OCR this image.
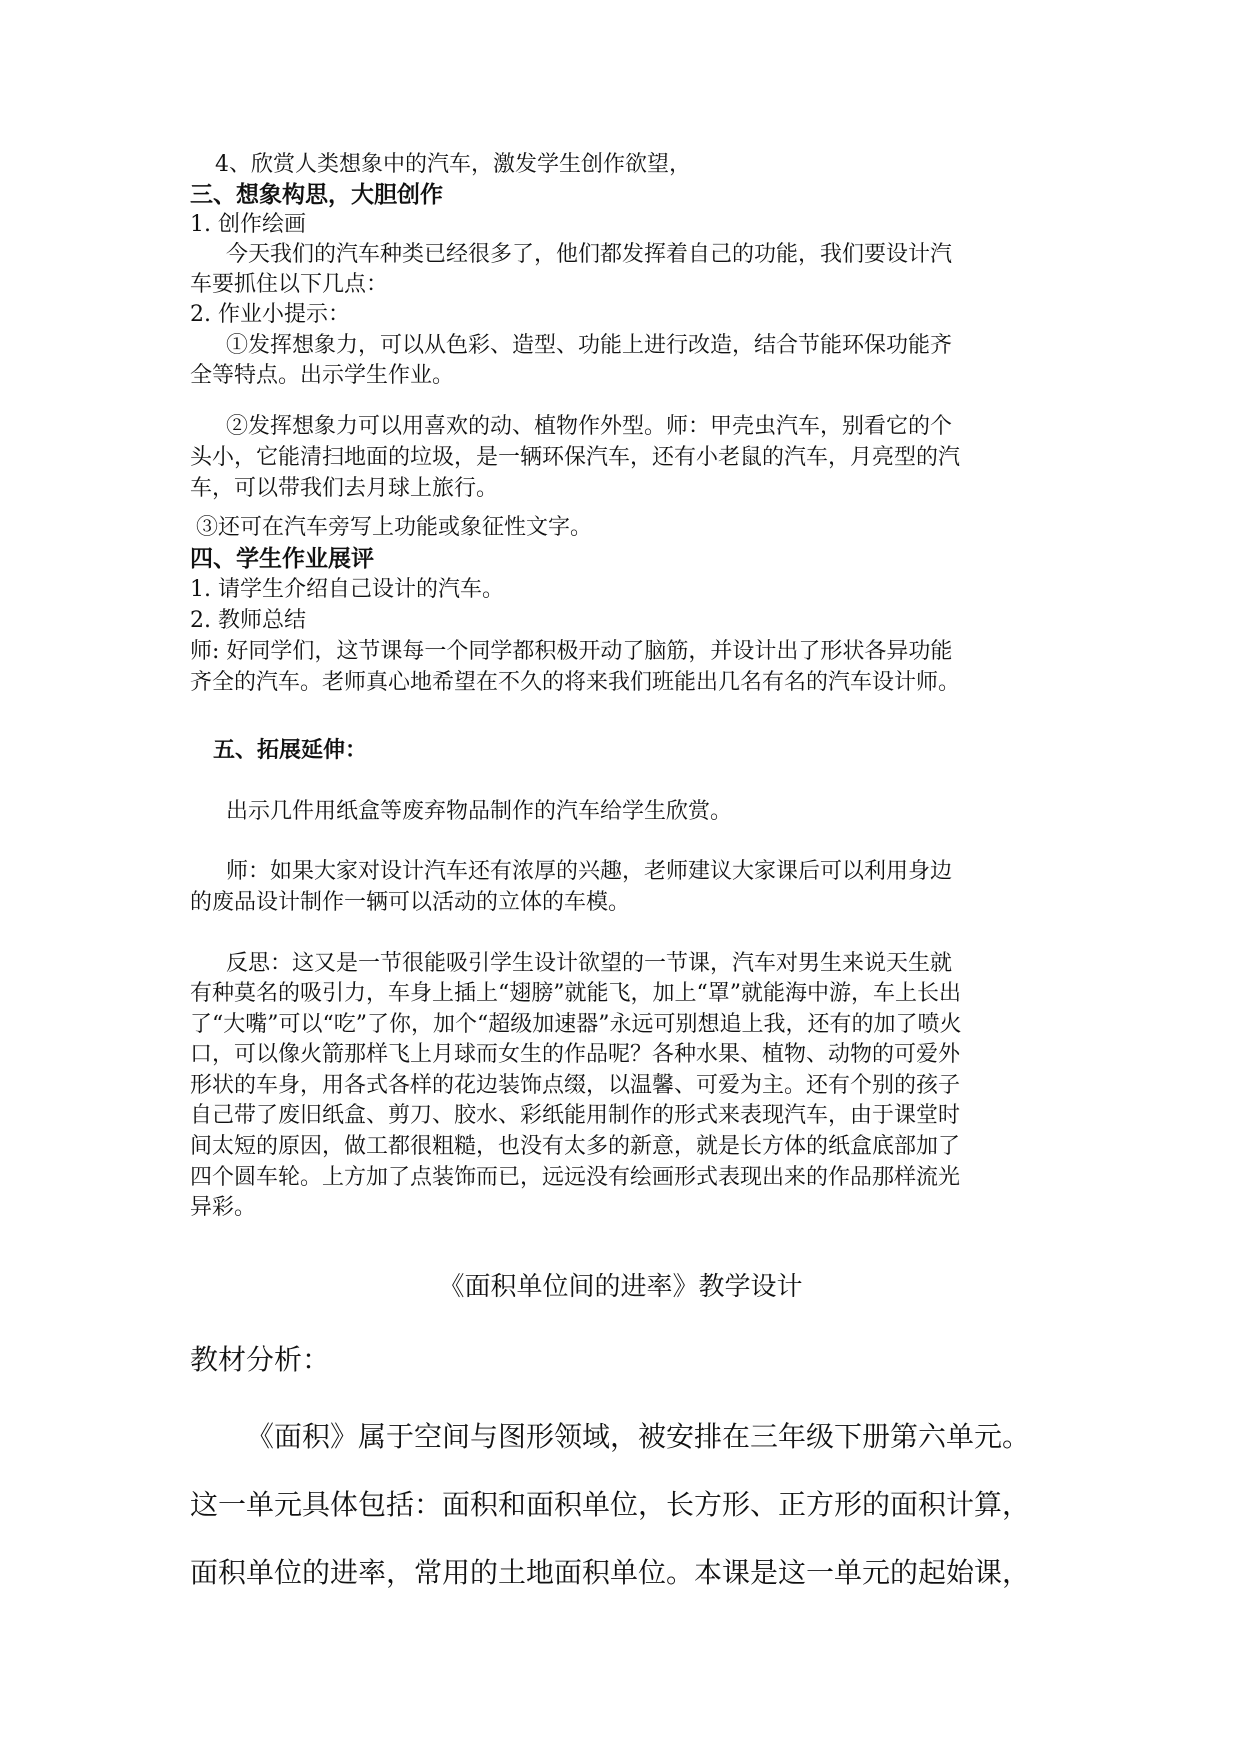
4、欣赏人类想象中的汽车，激发学生创作欲望，

三、想象构思，大胆创作

1. 创作绘画

今天我们的汽车种类已经很多了，他们都发挥着自己的功能，我们要设计汽

车要抓住以下几点：

2. 作业小提示：

①发挥想象力，可以从色彩、造型、功能上进行改造，结合节能环保功能齐

全等特点。出示学生作业。

②发挥想象力可以用喜欢的动、植物作外型。师：甲壳虫汽车，别看它的个

头小，它能清扫地面的垃圾，是一辆环保汽车，还有小老鼠的汽车，月亮型的汽

车，可以带我们去月球上旅行。

③还可在汽车旁写上功能或象征性文字。

四、学生作业展评

1. 请学生介绍自己设计的汽车。

2. 教师总结

师: 好同学们，这节课每一个同学都积极开动了脑筋，并设计出了形状各异功能

齐全的汽车。老师真心地希望在不久的将来我们班能出几名有名的汽车设计师。

五、拓展延伸：

出示几件用纸盒等废弃物品制作的汽车给学生欣赏。

师：如果大家对设计汽车还有浓厚的兴趣，老师建议大家课后可以利用身边

的废品设计制作一辆可以活动的立体的车模。

反思：这又是一节很能吸引学生设计欲望的一节课，汽车对男生来说天生就

有种莫名的吸引力，车身上插上“翅膀”就能飞，加上“罩”就能海中游，车上长出

了“大嘴”可以“吃”了你，加个“超级加速器”永远可别想追上我，还有的加了喷火

口，可以像火箭那样飞上月球而女生的作品呢？各种水果、植物、动物的可爱外

形状的车身，用各式各样的花边装饰点缀，以温馨、可爱为主。还有个别的孩子

自己带了废旧纸盒、剪刀、胶水、彩纸能用制作的形式来表现汽车，由于课堂时

间太短的原因，做工都很粗糙，也没有太多的新意，就是长方体的纸盒底部加了

四个圆车轮。上方加了点装饰而已，远远没有绘画形式表现出来的作品那样流光

异彩。

《面积单位间的进率》教学设计

教材分析：

《面积》属于空间与图形领域，被安排在三年级下册第六单元。

这一单元具体包括：面积和面积单位，长方形、正方形的面积计算，

面积单位的进率，常用的土地面积单位。本课是这一单元的起始课，
